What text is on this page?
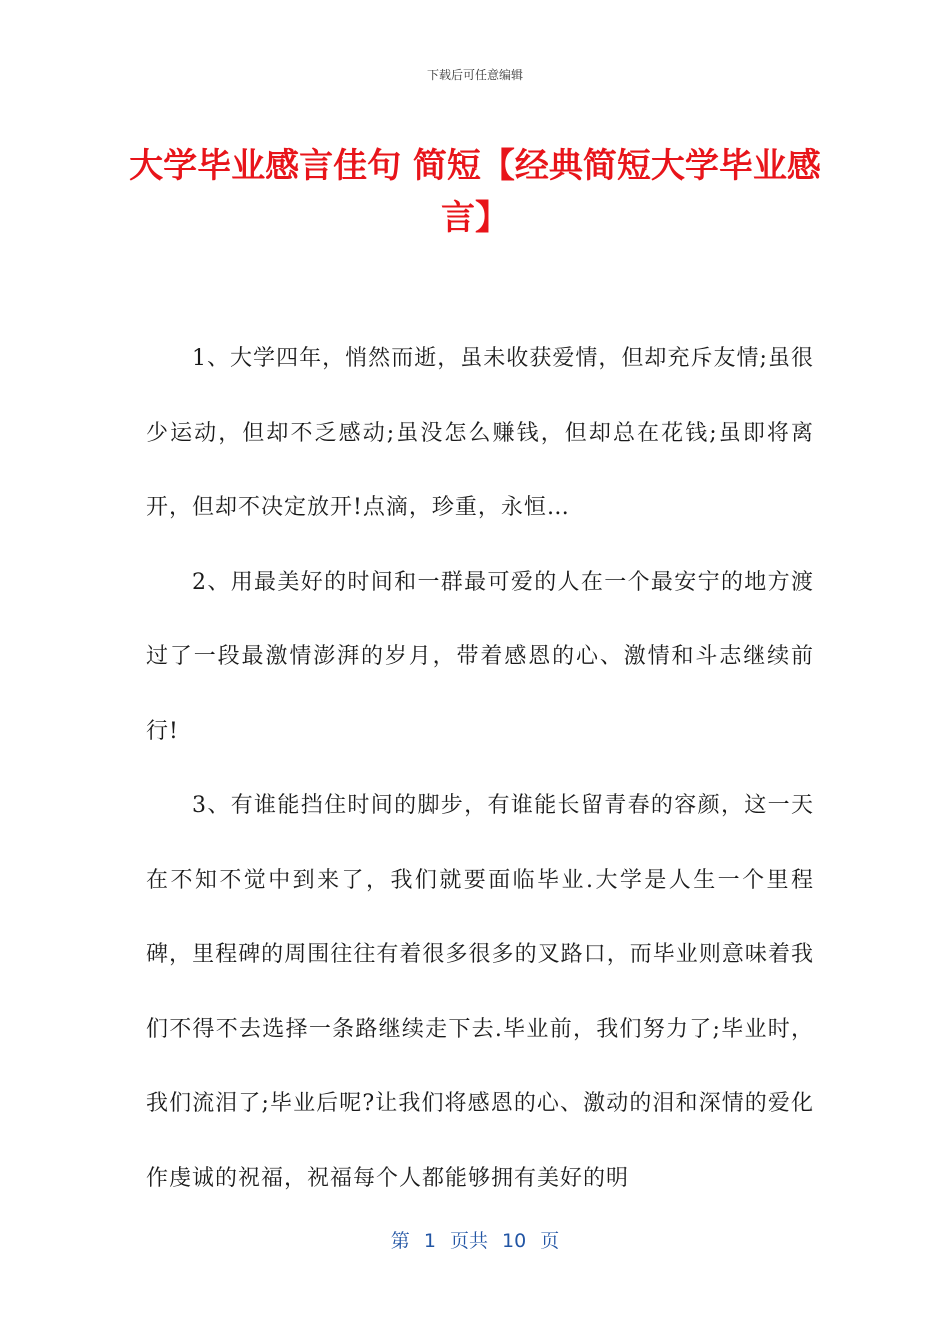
下载后可任意编辑
大学毕业感言佳句 简短【经典简短大学毕业感言】

1、大学四年，悄然而逝，虽未收获爱情，但却充斥友情;虽很少运动，但却不乏感动;虽没怎么赚钱，但却总在花钱;虽即将离开，但却不决定放开!点滴，珍重，永恒…

2、用最美好的时间和一群最可爱的人在一个最安宁的地方渡过了一段最激情澎湃的岁月，带着感恩的心、激情和斗志继续前行!

3、有谁能挡住时间的脚步，有谁能长留青春的容颜，这一天在不知不觉中到来了，我们就要面临毕业.大学是人生一个里程碑，里程碑的周围往往有着很多很多的叉路口，而毕业则意味着我们不得不去选择一条路继续走下去.毕业前，我们努力了;毕业时，我们流泪了;毕业后呢?让我们将感恩的心、激动的泪和深情的爱化作虔诚的祝福，祝福每个人都能够拥有美好的明

第 1 页共 10 页
